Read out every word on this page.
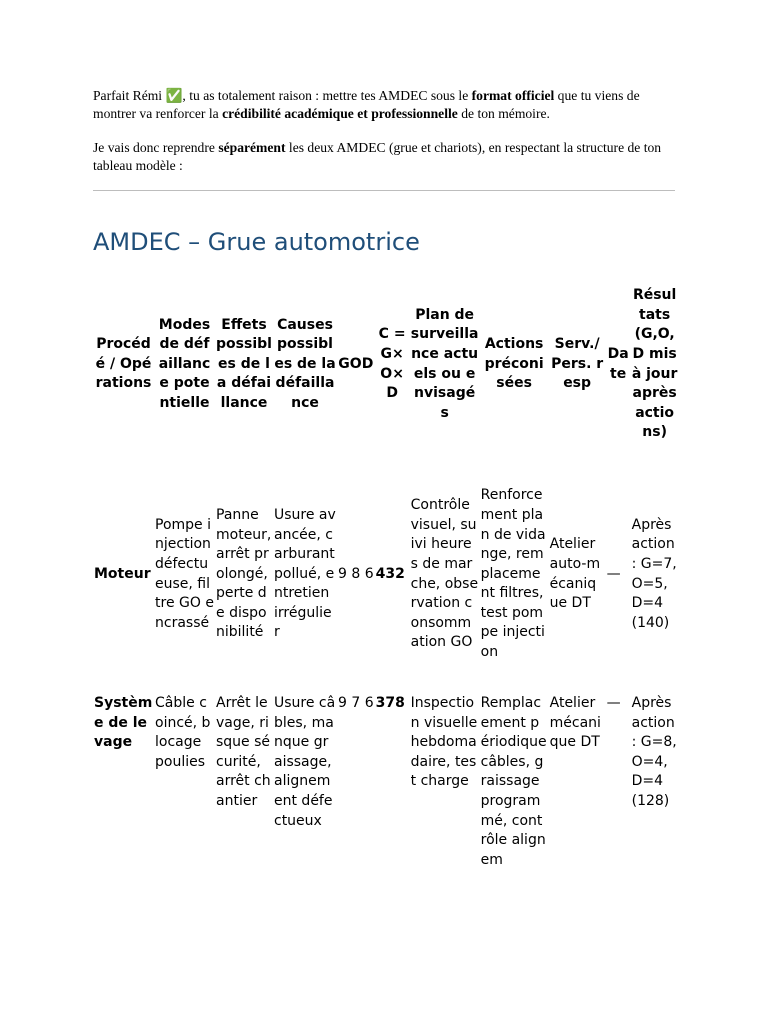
Parfait Rémi ✅, tu as totalement raison : mettre tes AMDEC sous le format officiel que tu viens de montrer va renforcer la crédibilité académique et professionnelle de ton mémoire.

Je vais donc reprendre séparément les deux AMDEC (grue et chariots), en respectant la structure de ton tableau modèle :

AMDEC – Grue automotrice
Procédé / Opérations	Modes de défaillance potentielle	Effets possibles de la défaillance	Causes possibles de la défaillance	GOD	C = G×O×D	Plan de surveillance actuels ou envisagés	Actions préconisées	Serv./ Pers. resp	Date	Résultats (G,O,D mis à jour après actions)
Moteur	Pompe injection défectueuse, filtre GO encrassé	Panne moteur, arrêt prolongé, perte de disponibilité	Usure avancée, carburant pollué, entretien irrégulier	9 8 6	432	Contrôle visuel, suivi heures de marche, observation consommation GO	Renforcement plan de vidange, remplacement filtres, test pompe injection	Atelier auto-mécanique DT	—	Après action : G=7, O=5, D=4 (140)
Système de levage	Câble coincé, blocage poulies	Arrêt levage, risque sécurité, arrêt chantier	Usure câbles, manque graissage, alignement défectueux	9 7 6	378	Inspection visuelle hebdomadaire, test charge	Remplacement périodique câbles, graissage programmé, contrôle alignem	Atelier mécanique DT	—	Après action : G=8, O=4, D=4 (128)
